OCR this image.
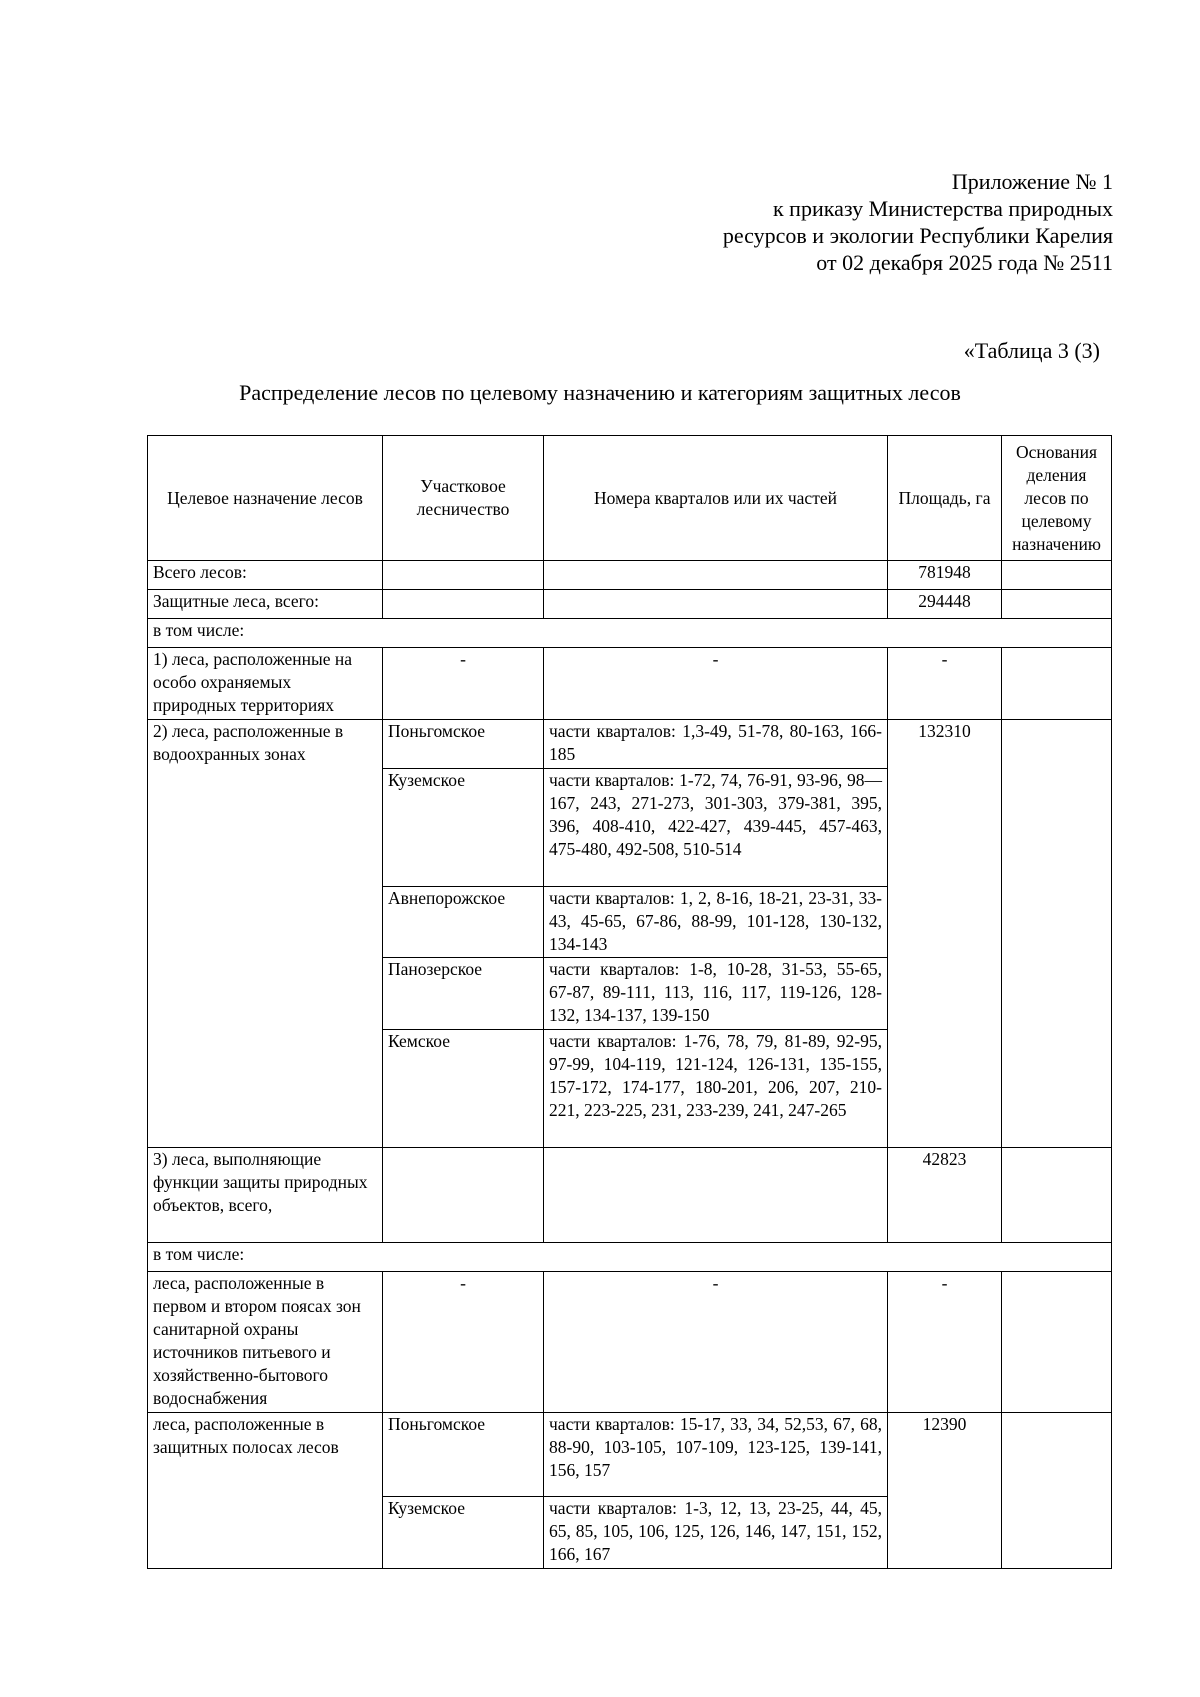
Приложение № 1
к приказу Министерства природных
ресурсов и экологии Республики Карелия
от 02 декабря 2025 года № 2511
«Таблица 3 (3)
Распределение лесов по целевому назначению и категориям защитных лесов
Целевое назначение лесов	Участковое лесничество	Номера кварталов или их частей	Площадь, га	Основания деления лесов по целевому назначению
Всего лесов:			781948	
Защитные леса, всего:			294448	
в том числе:				
1) леса, расположенные на особо охраняемых природных территориях	-	-	-	
2) леса, расположенные в водоохранных зонах	Поньгомское	части кварталов: 1,3-49, 51-78, 80-163, 166-185	132310	
	Куземское	части кварталов: 1-72, 74, 76-91, 93-96, 98—167, 243, 271-273, 301-303, 379-381, 395, 396, 408-410, 422-427, 439-445, 457-463, 475-480, 492-508, 510-514		
	Авнепорожское	части кварталов: 1, 2, 8-16, 18-21, 23-31, 33-43, 45-65, 67-86, 88-99, 101-128, 130-132, 134-143		
	Панозерское	части кварталов: 1-8, 10-28, 31-53, 55-65, 67-87, 89-111, 113, 116, 117, 119-126, 128-132, 134-137, 139-150		
	Кемское	части кварталов: 1-76, 78, 79, 81-89, 92-95, 97-99, 104-119, 121-124, 126-131, 135-155, 157-172, 174-177, 180-201, 206, 207, 210-221, 223-225, 231, 233-239, 241, 247-265		
3) леса, выполняющие функции защиты природных объектов, всего,			42823	
в том числе:				
леса, расположенные в первом и втором поясах зон санитарной охраны источников питьевого и хозяйственно-бытового водоснабжения	-	-	-	
леса, расположенные в защитных полосах лесов	Поньгомское	части кварталов: 15-17, 33, 34, 52,53, 67, 68, 88-90, 103-105, 107-109, 123-125, 139-141, 156, 157	12390	
	Куземское	части кварталов: 1-3, 12, 13, 23-25, 44, 45, 65, 85, 105, 106, 125, 126, 146, 147, 151, 152, 166, 167		
